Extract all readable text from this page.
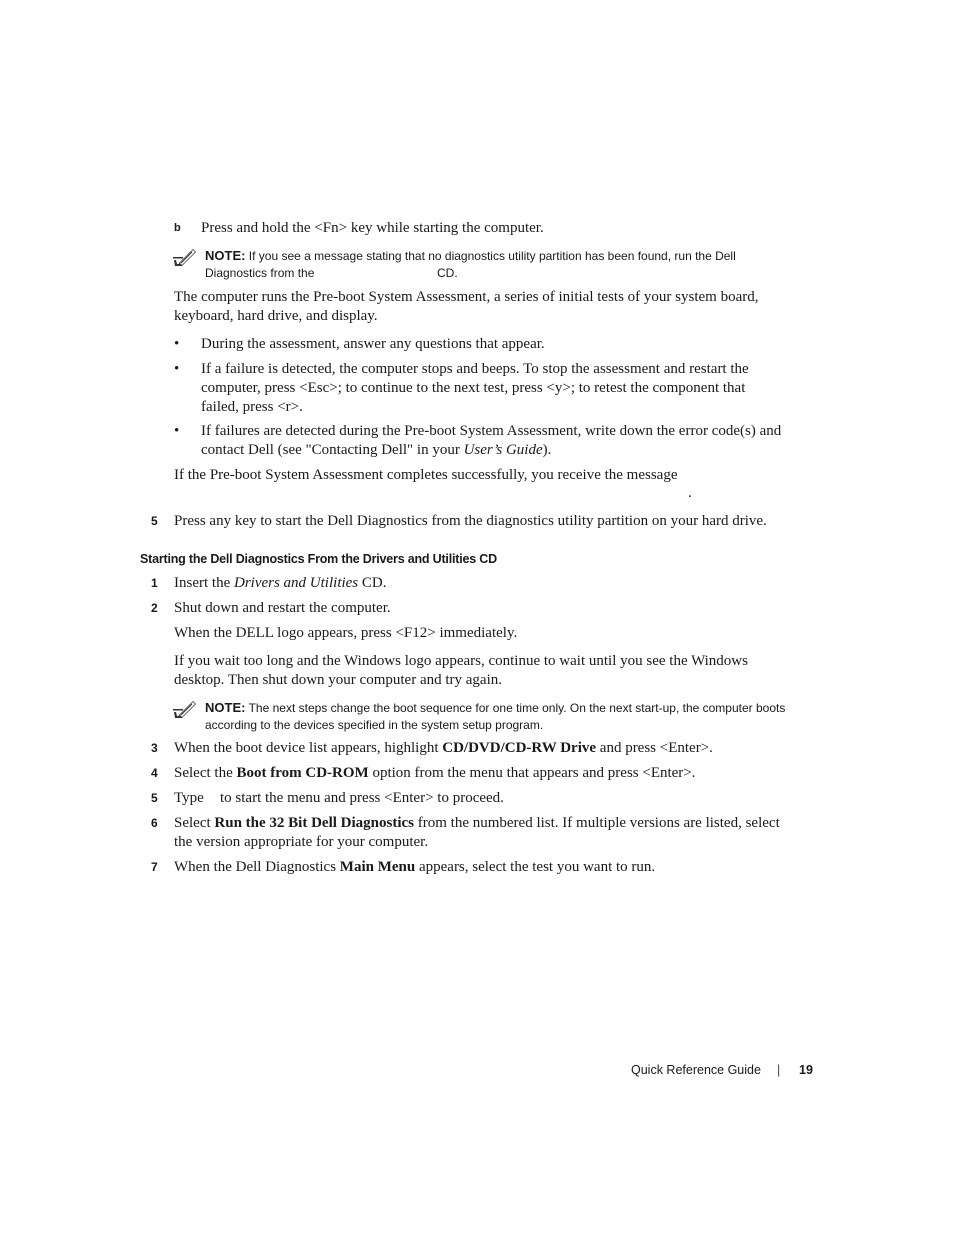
b Press and hold the <Fn> key while starting the computer.
NOTE: If you see a message stating that no diagnostics utility partition has been found, run the Dell
Diagnostics from the	CD.
The computer runs the Pre-boot System Assessment, a series of initial tests of your system board,
keyboard, hard drive, and display.
• During the assessment, answer any questions that appear.
• If a failure is detected, the computer stops and beeps. To stop the assessment and restart the
computer, press <Esc>; to continue to the next test, press <y>; to retest the component that
failed, press <r>.
• If failures are detected during the Pre-boot System Assessment, write down the error code(s) and
contact Dell (see "Contacting Dell" in your User’s Guide).
If the Pre-boot System Assessment completes successfully, you receive the message
.
5 Press any key to start the Dell Diagnostics from the diagnostics utility partition on your hard drive.
Starting the Dell Diagnostics From the Drivers and Utilities CD
1 Insert the Drivers and Utilities CD.
2 Shut down and restart the computer.
When the DELL logo appears, press <F12> immediately.
If you wait too long and the Windows logo appears, continue to wait until you see the Windows
desktop. Then shut down your computer and try again.
NOTE: The next steps change the boot sequence for one time only. On the next start-up, the computer boots
according to the devices specified in the system setup program.
3 When the boot device list appears, highlight CD/DVD/CD-RW Drive and press <Enter>.
4 Select the Boot from CD-ROM option from the menu that appears and press <Enter>.
5 Type to start the menu and press <Enter> to proceed.
6 Select Run the 32 Bit Dell Diagnostics from the numbered list. If multiple versions are listed, select
the version appropriate for your computer.
7 When the Dell Diagnostics Main Menu appears, select the test you want to run.
Quick Reference Guide | 19
